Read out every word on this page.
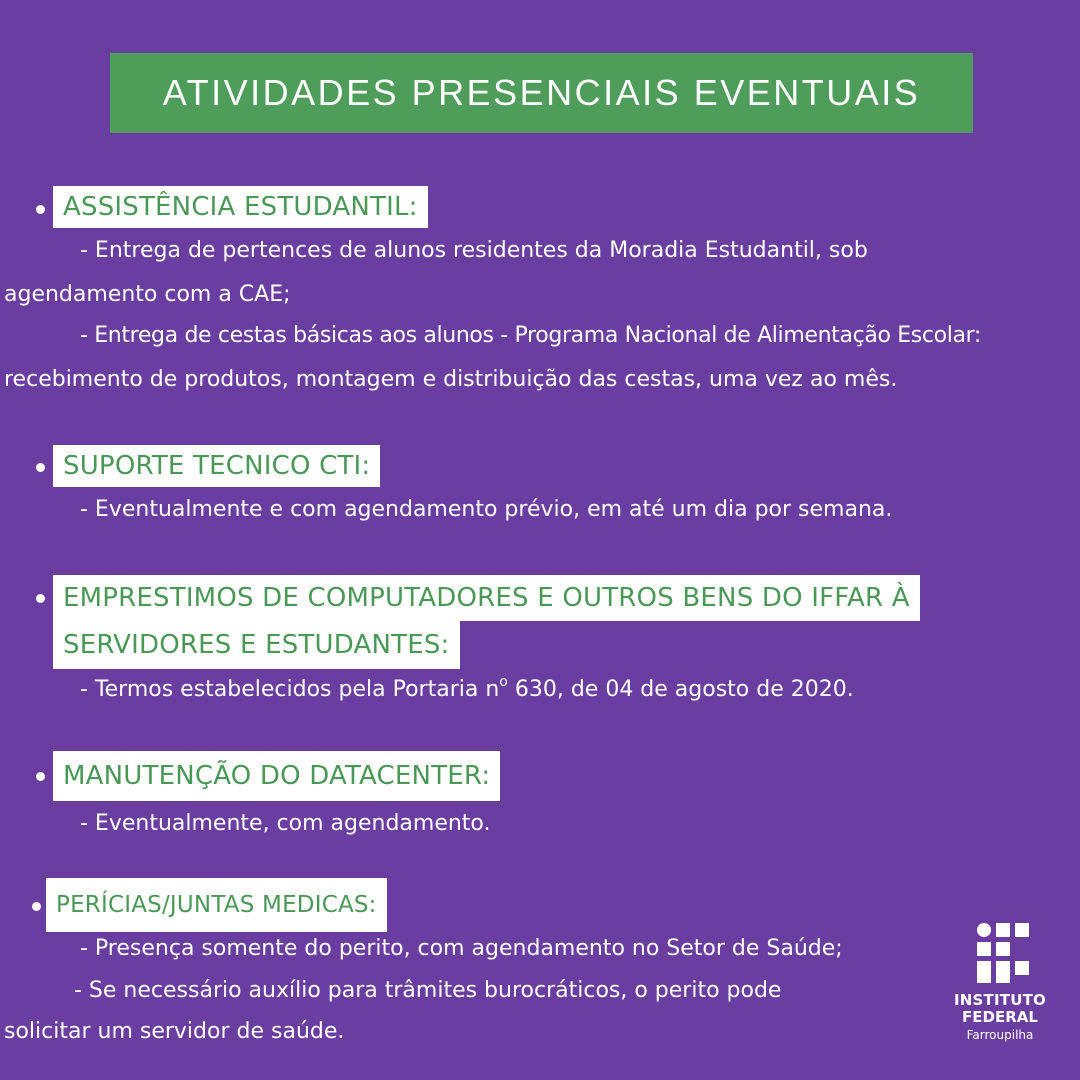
ATIVIDADES PRESENCIAIS EVENTUAIS
ASSISTÊNCIA ESTUDANTIL:
- Entrega de pertences de alunos residentes da Moradia Estudantil, sob
agendamento com a CAE;
- Entrega de cestas básicas aos alunos - Programa Nacional de Alimentação Escolar:
recebimento de produtos, montagem e distribuição das cestas, uma vez ao mês.
SUPORTE TECNICO CTI:
- Eventualmente e com agendamento prévio, em até um dia por semana.
EMPRESTIMOS DE COMPUTADORES E OUTROS BENS DO IFFAR À
SERVIDORES E ESTUDANTES:
- Termos estabelecidos pela Portaria $n^o$ 630, de 04 de agosto de 2020.
MANUTENÇÃO DO DATACENTER:
- Eventualmente, com agendamento.
PERÍCIAS/JUNTAS MEDICAS:
- Presença somente do perito, com agendamento no Setor de Saúde;
- Se necessário auxílio para trâmites burocráticos, o perito pode
solicitar um servidor de saúde.
INSTITUTO
FEDERAL
Farroupilha
